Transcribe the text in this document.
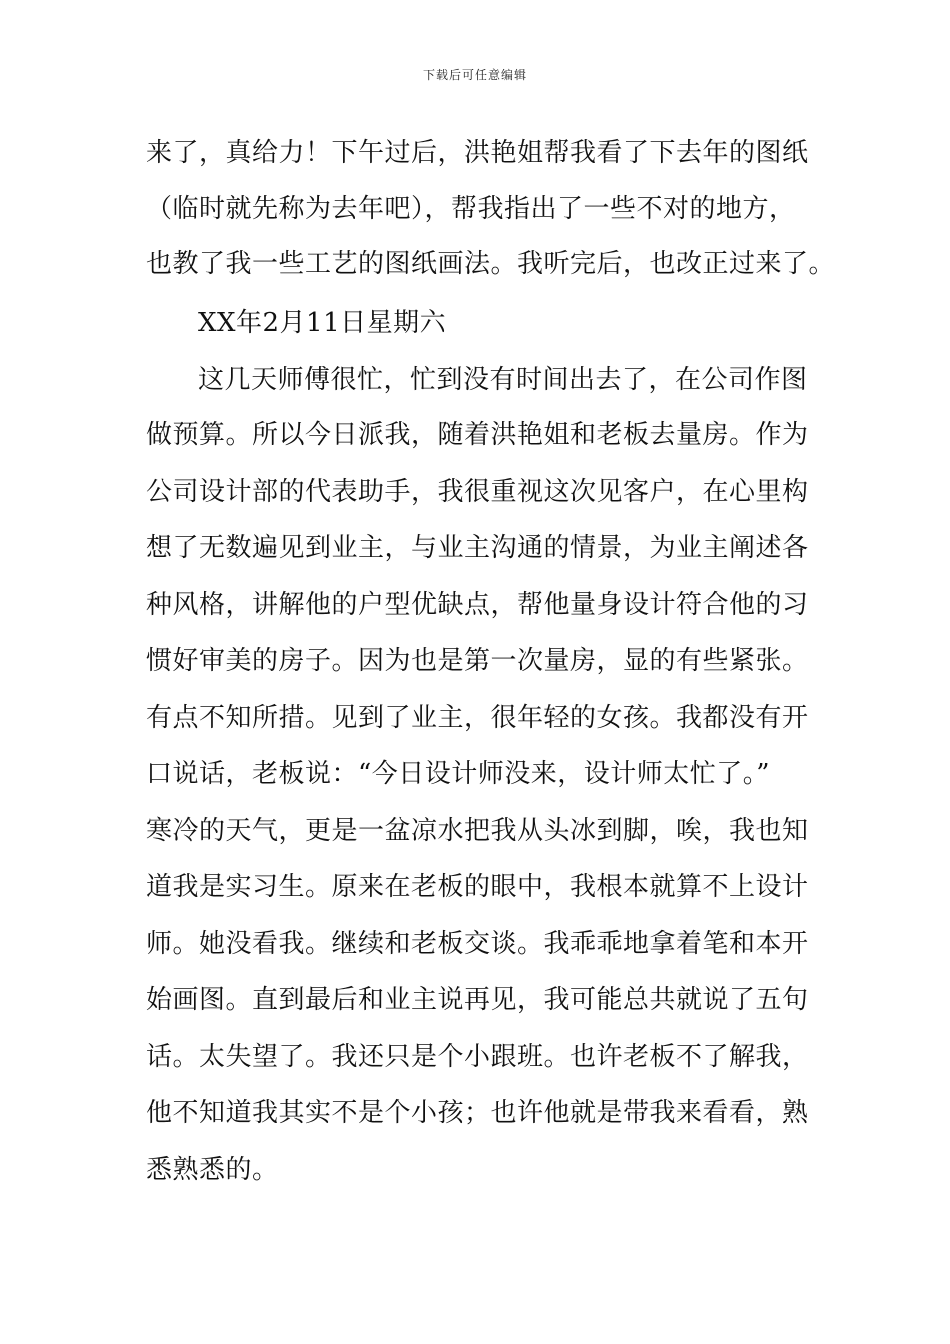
下载后可任意编辑
来了，真给力！下午过后，洪艳姐帮我看了下去年的图纸
（临时就先称为去年吧），帮我指出了一些不对的地方，
也教了我一些工艺的图纸画法。我听完后，也改正过来了。
XX年2月11日星期六
这几天师傅很忙，忙到没有时间出去了，在公司作图
做预算。所以今日派我，随着洪艳姐和老板去量房。作为
公司设计部的代表助手，我很重视这次见客户，在心里构
想了无数遍见到业主，与业主沟通的情景，为业主阐述各
种风格，讲解他的户型优缺点，帮他量身设计符合他的习
惯好审美的房子。因为也是第一次量房，显的有些紧张。
有点不知所措。见到了业主，很年轻的女孩。我都没有开
口说话，老板说：“今日设计师没来，设计师太忙了。”
寒冷的天气，更是一盆凉水把我从头冰到脚，唉，我也知
道我是实习生。原来在老板的眼中，我根本就算不上设计
师。她没看我。继续和老板交谈。我乖乖地拿着笔和本开
始画图。直到最后和业主说再见，我可能总共就说了五句
话。太失望了。我还只是个小跟班。也许老板不了解我，
他不知道我其实不是个小孩；也许他就是带我来看看，熟
悉熟悉的。
